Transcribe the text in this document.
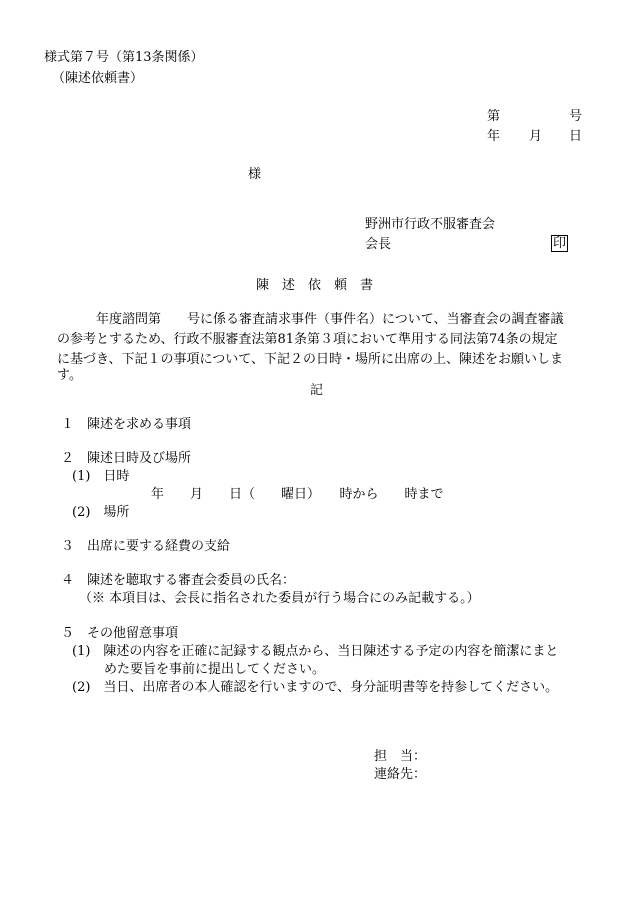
様式第７号（第13条関係）
（陳述依頼書）
第	号
年 月 日
様
野洲市行政不服審査会
会長	印
陳　述　依　頼　書
年度諮問第　　号に係る審査請求事件（事件名）について、当審査会の調査審議
の参考とするため、行政不服審査法第81条第３項において準用する同法第74条の規定
に基づき、下記１の事項について、下記２の日時・場所に出席の上、陳述をお願いしま
す。
記
１　陳述を求める事項
２　陳述日時及び場所
(1)　日時
年　　月　　日（　　曜日）　　時から　　時まで
(2)　場所
３　出席に要する経費の支給
４　陳述を聴取する審査会委員の氏名：
（※ 本項目は、会長に指名された委員が行う場合にのみ記載する。）
５　その他留意事項
(1)　陳述の内容を正確に記録する観点から、当日陳述する予定の内容を簡潔にまと
めた要旨を事前に提出してください。
(2)　当日、出席者の本人確認を行いますので、身分証明書等を持参してください。
担　当：
連絡先：
